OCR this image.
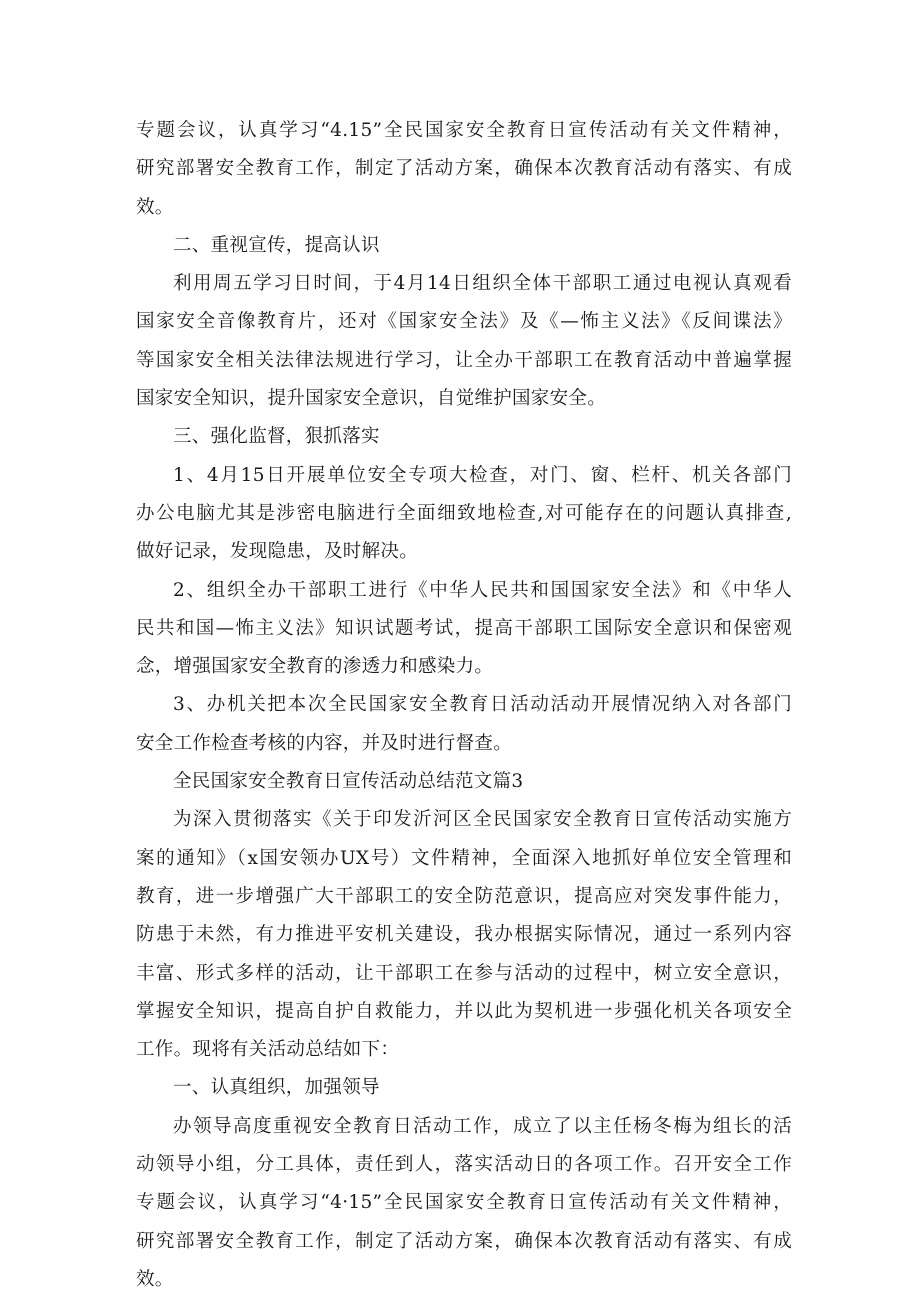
专题会议，认真学习“4.15”全民国家安全教育日宣传活动有关文件精神，
研究部署安全教育工作，制定了活动方案，确保本次教育活动有落实、有成
效。
二、重视宣传，提高认识
利用周五学习日时间，于4月14日组织全体干部职工通过电视认真观看
国家安全音像教育片，还对《国家安全法》及《—怖主义法》《反间谍法》
等国家安全相关法律法规进行学习，让全办干部职工在教育活动中普遍掌握
国家安全知识，提升国家安全意识，自觉维护国家安全。
三、强化监督，狠抓落实
1、4月15日开展单位安全专项大检查，对门、窗、栏杆、机关各部门
办公电脑尤其是涉密电脑进行全面细致地检查,对可能存在的问题认真排查,
做好记录，发现隐患，及时解决。
2、组织全办干部职工进行《中华人民共和国国家安全法》和《中华人
民共和国—怖主义法》知识试题考试，提高干部职工国际安全意识和保密观
念，增强国家安全教育的渗透力和感染力。
3、办机关把本次全民国家安全教育日活动活动开展情况纳入对各部门
安全工作检查考核的内容，并及时进行督查。
全民国家安全教育日宣传活动总结范文篇3
为深入贯彻落实《关于印发沂河区全民国家安全教育日宣传活动实施方
案的通知》（x国安领办UX号）文件精神，全面深入地抓好单位安全管理和
教育，进一步增强广大干部职工的安全防范意识，提高应对突发事件能力，
防患于未然，有力推进平安机关建设，我办根据实际情况，通过一系列内容
丰富、形式多样的活动，让干部职工在参与活动的过程中，树立安全意识，
掌握安全知识，提高自护自救能力，并以此为契机进一步强化机关各项安全
工作。现将有关活动总结如下：
一、认真组织，加强领导
办领导高度重视安全教育日活动工作，成立了以主任杨冬梅为组长的活
动领导小组，分工具体，责任到人，落实活动日的各项工作。召开安全工作
专题会议，认真学习“4·15”全民国家安全教育日宣传活动有关文件精神，
研究部署安全教育工作，制定了活动方案，确保本次教育活动有落实、有成
效。
